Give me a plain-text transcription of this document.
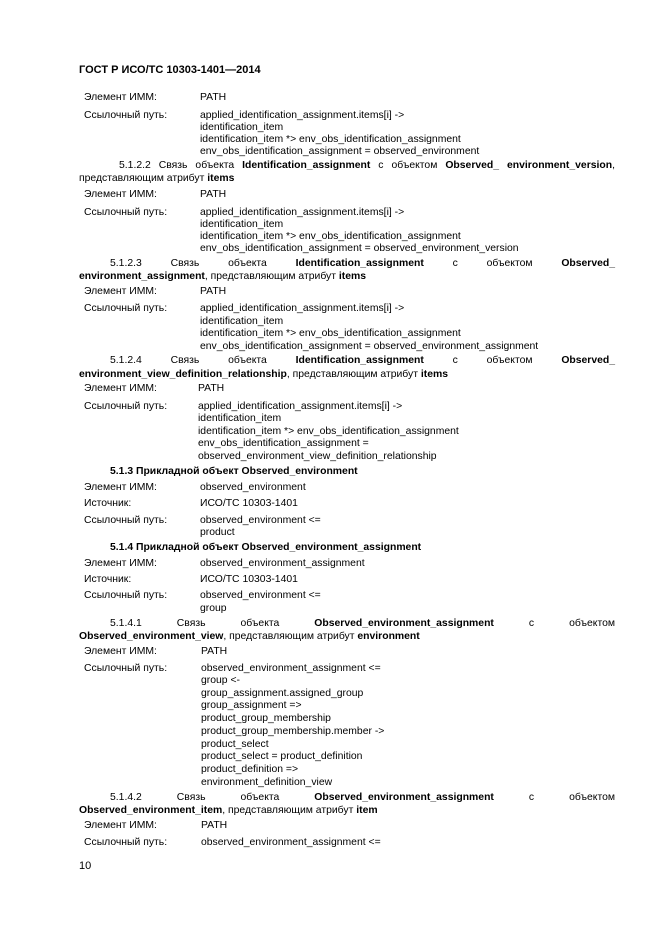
ГОСТ Р ИСО/ТС 10303-1401—2014
Элемент ИММ:	PATH
Ссылочный путь:	applied_identification_assignment.items[i] ->
identification_item
identification_item *> env_obs_identification_assignment
env_obs_identification_assignment = observed_environment
5.1.2.2 Связь объекта Identification_assignment с объектом Observed_ environment_version,
представляющим атрибут items
Элемент ИММ:	PATH
Ссылочный путь:	applied_identification_assignment.items[i] ->
identification_item
identification_item *> env_obs_identification_assignment
env_obs_identification_assignment = observed_environment_version
5.1.2.3	Связь	объекта	Identification_assignment	с	объектом	Observed_
environment_assignment, представляющим атрибут items
Элемент ИММ:	PATH
Ссылочный путь:	applied_identification_assignment.items[i] ->
identification_item
identification_item *> env_obs_identification_assignment
env_obs_identification_assignment = observed_environment_assignment
5.1.2.4	Связь	объекта	Identification_assignment	с	объектом	Observed_
environment_view_definition_relationship, представляющим атрибут items
Элемент ИММ:	PATH
Ссылочный путь:	applied_identification_assignment.items[i] ->
identification_item
identification_item *> env_obs_identification_assignment
env_obs_identification_assignment =
observed_environment_view_definition_relationship
5.1.3 Прикладной объект Observed_environment
Элемент ИММ:	observed_environment
Источник:	ИСО/ТС 10303-1401
Ссылочный путь:	observed_environment <=
product
5.1.4 Прикладной объект Observed_environment_assignment
Элемент ИММ:	observed_environment_assignment
Источник:	ИСО/ТС 10303-1401
Ссылочный путь:	observed_environment <=
group
5.1.4.1	Связь	объекта	Observed_environment_assignment	с	объектом
Observed_environment_view, представляющим атрибут environment
Элемент ИММ:	PATH
Ссылочный путь:	observed_environment_assignment <=
group <-
group_assignment.assigned_group
group_assignment =>
product_group_membership
product_group_membership.member ->
product_select
product_select = product_definition
product_definition =>
environment_definition_view
5.1.4.2	Связь	объекта	Observed_environment_assignment	с	объектом
Observed_environment_item, представляющим атрибут item
Элемент ИММ:	PATH
Ссылочный путь:	observed_environment_assignment <=
10
